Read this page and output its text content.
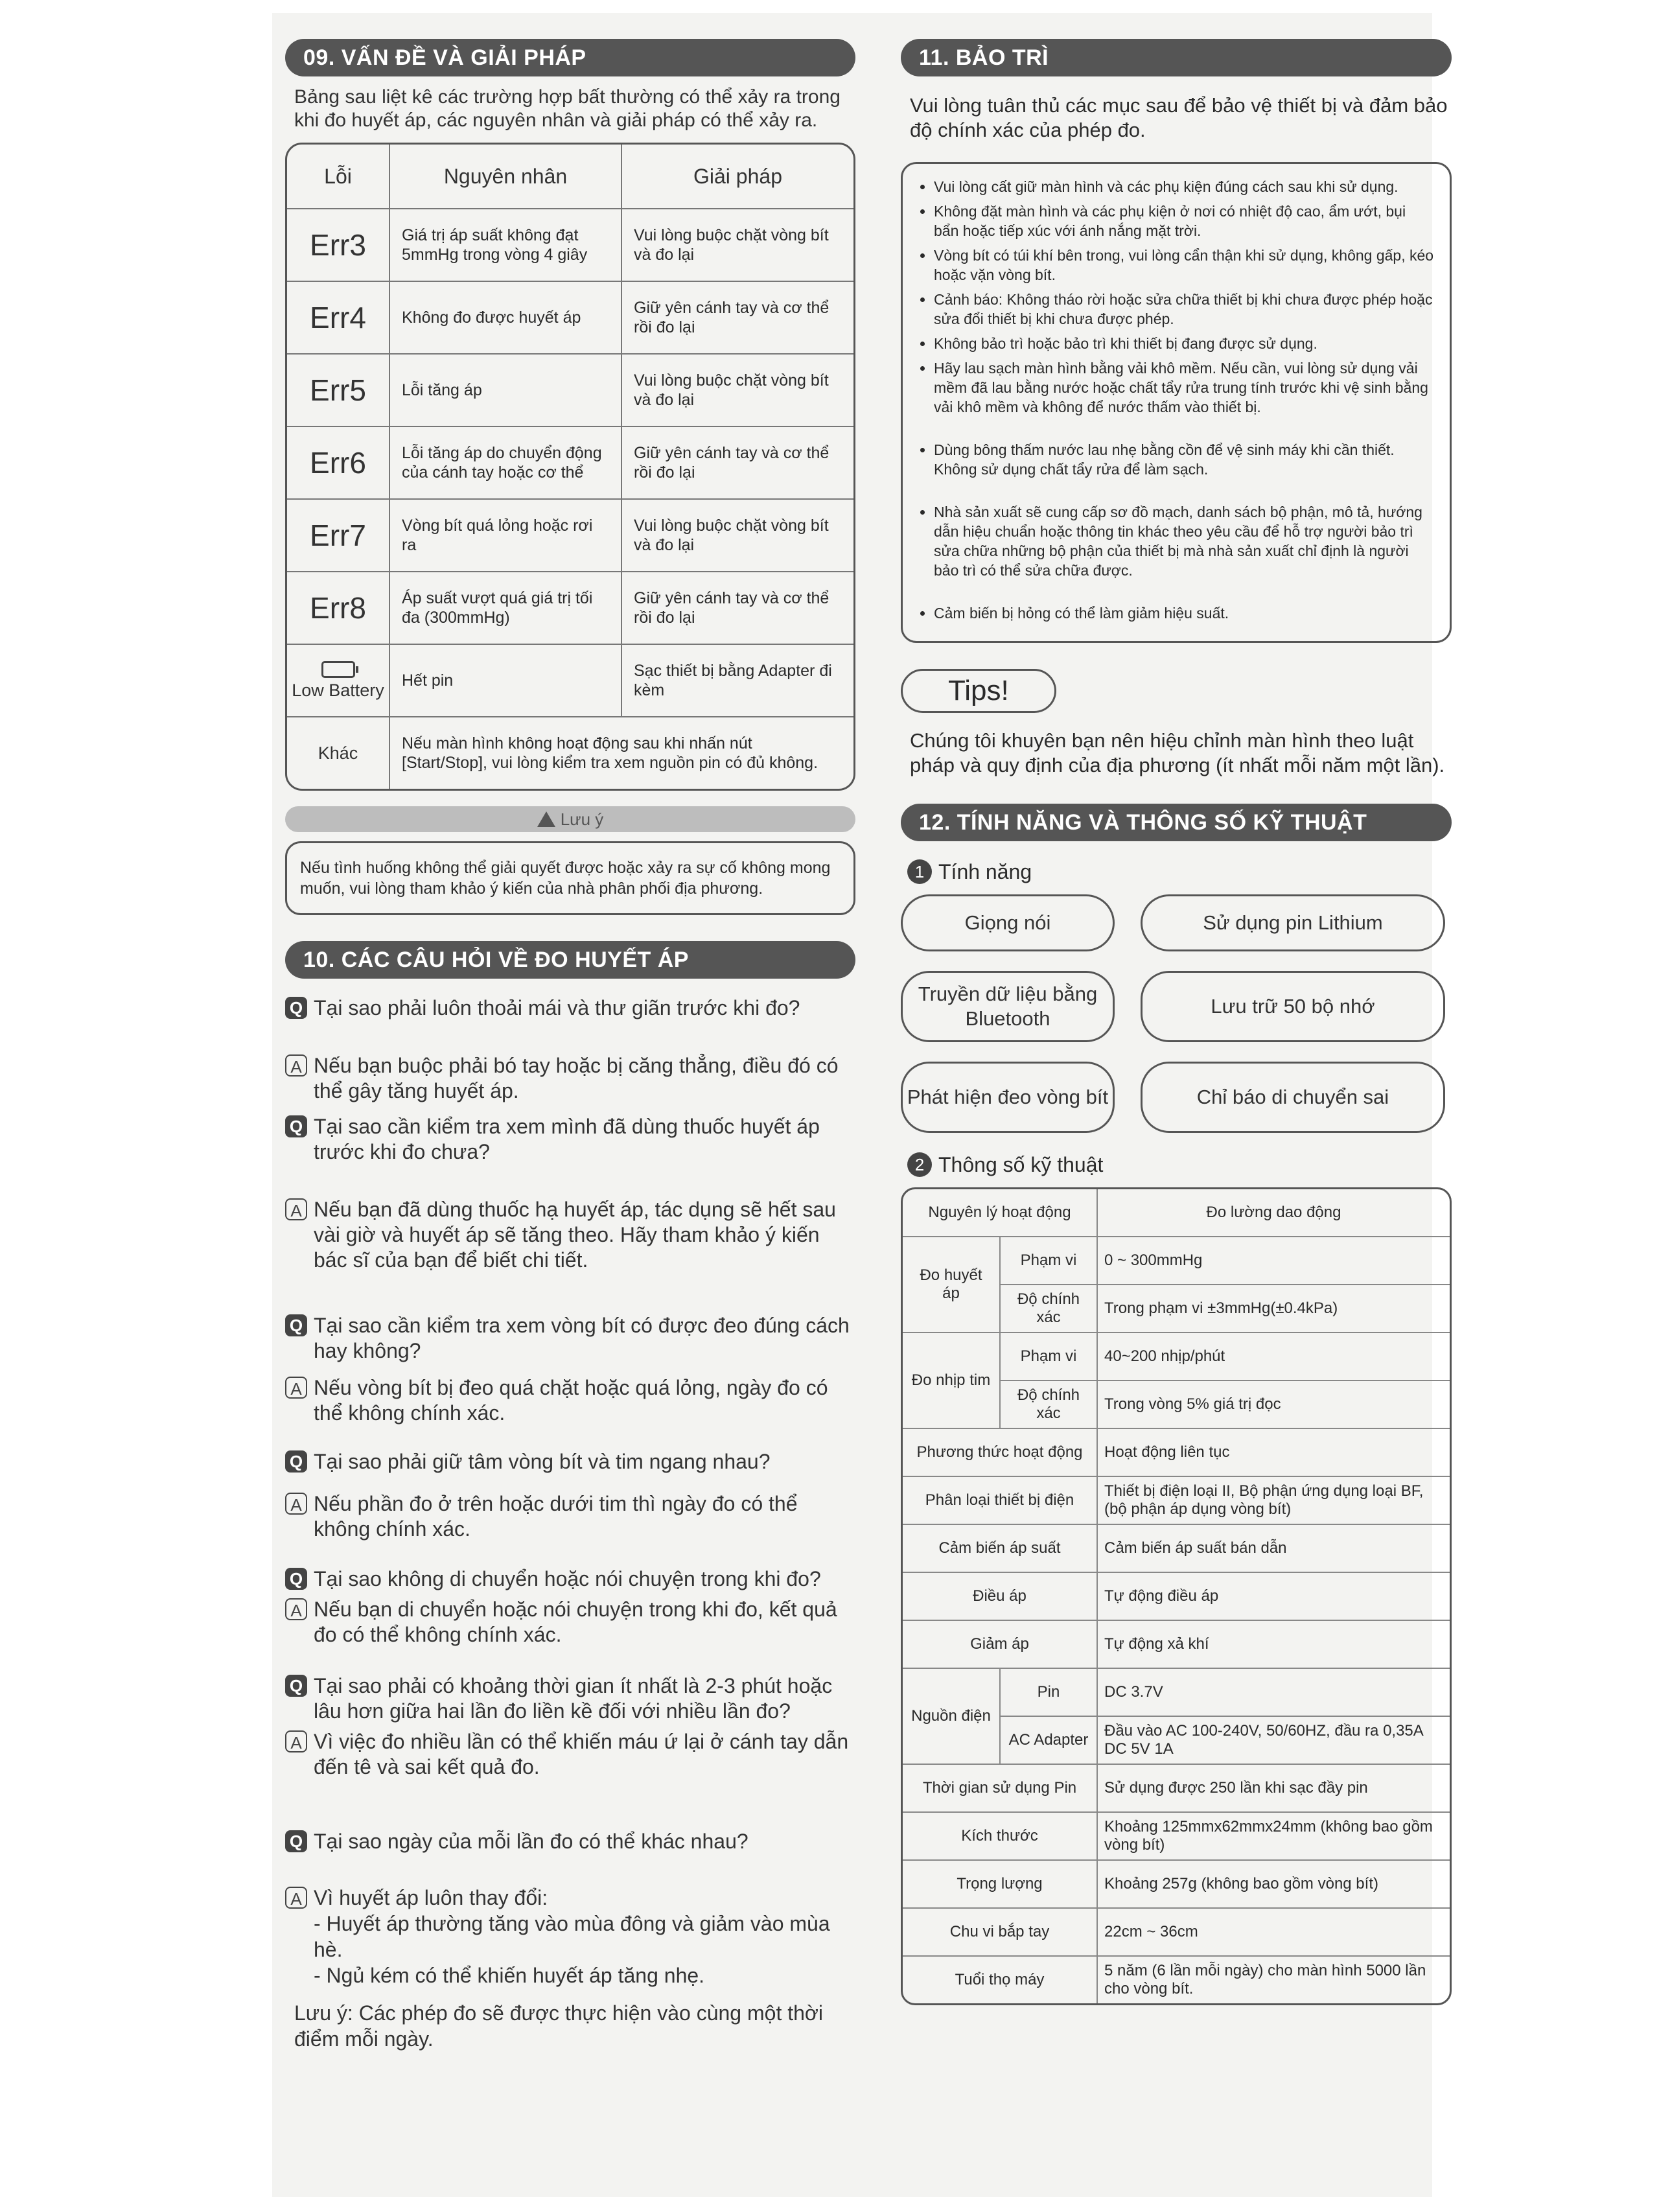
09. VẤN ĐỀ VÀ GIẢI PHÁP
Bảng sau liệt kê các trường hợp bất thường có thể xảy ra trong khi đo huyết áp, các nguyên nhân và giải pháp có thể xảy ra.
Lỗi	Nguyên nhân	Giải pháp
Err3	Giá trị áp suất không đạt 5mmHg trong vòng 4 giây	Vui lòng buộc chặt vòng bít và đo lại
Err4	Không đo được huyết áp	Giữ yên cánh tay và cơ thể rồi đo lại
Err5	Lỗi tăng áp	Vui lòng buộc chặt vòng bít và đo lại
Err6	Lỗi tăng áp do chuyển động của cánh tay hoặc cơ thể	Giữ yên cánh tay và cơ thể rồi đo lại
Err7	Vòng bít quá lỏng hoặc rơi ra	Vui lòng buộc chặt vòng bít và đo lại
Err8	Áp suất vượt quá giá trị tối đa (300mmHg)	Giữ yên cánh tay và cơ thể rồi đo lại

Low Battery	Hết pin	Sạc thiết bị bằng Adapter đi kèm
Khác	Nếu màn hình không hoạt động sau khi nhấn nút [Start/Stop], vui lòng kiểm tra xem nguồn pin có đủ không.	
Lưu ý
Nếu tình huống không thể giải quyết được hoặc xảy ra sự cố không mong muốn, vui lòng tham khảo ý kiến của nhà phân phối địa phương.
10. CÁC CÂU HỎI VỀ ĐO HUYẾT ÁP
Q Tại sao phải luôn thoải mái và thư giãn trước khi đo?
A Nếu bạn buộc phải bó tay hoặc bị căng thẳng, điều đó có thể gây tăng huyết áp.
Q Tại sao cần kiểm tra xem mình đã dùng thuốc huyết áp trước khi đo chưa?
A Nếu bạn đã dùng thuốc hạ huyết áp, tác dụng sẽ hết sau vài giờ và huyết áp sẽ tăng theo. Hãy tham khảo ý kiến bác sĩ của bạn để biết chi tiết.
Q Tại sao cần kiểm tra xem vòng bít có được đeo đúng cách hay không?
A Nếu vòng bít bị đeo quá chặt hoặc quá lỏng, ngày đo có thể không chính xác.
Q Tại sao phải giữ tâm vòng bít và tim ngang nhau?
A Nếu phần đo ở trên hoặc dưới tim thì ngày đo có thể không chính xác.
Q Tại sao không di chuyển hoặc nói chuyện trong khi đo?
A Nếu bạn di chuyển hoặc nói chuyện trong khi đo, kết quả đo có thể không chính xác.
Q Tại sao phải có khoảng thời gian ít nhất là 2-3 phút hoặc lâu hơn giữa hai lần đo liền kề đối với nhiều lần đo?
A Vì việc đo nhiều lần có thể khiến máu ứ lại ở cánh tay dẫn đến tê và sai kết quả đo.
Q Tại sao ngày của mỗi lần đo có thể khác nhau?
A Vì huyết áp luôn thay đổi:
- Huyết áp thường tăng vào mùa đông và giảm vào mùa hè.
- Ngủ kém có thể khiến huyết áp tăng nhẹ.
Lưu ý: Các phép đo sẽ được thực hiện vào cùng một thời điểm mỗi ngày.
11. BẢO TRÌ
Vui lòng tuân thủ các mục sau để bảo vệ thiết bị và đảm bảo độ chính xác của phép đo.
• Vui lòng cất giữ màn hình và các phụ kiện đúng cách sau khi sử dụng.
• Không đặt màn hình và các phụ kiện ở nơi có nhiệt độ cao, ẩm ướt, bụi bẩn hoặc tiếp xúc với ánh nắng mặt trời.
• Vòng bít có túi khí bên trong, vui lòng cẩn thận khi sử dụng, không gấp, kéo hoặc vặn vòng bít.
• Cảnh báo: Không tháo rời hoặc sửa chữa thiết bị khi chưa được phép hoặc sửa đổi thiết bị khi chưa được phép.
• Không bảo trì hoặc bảo trì khi thiết bị đang được sử dụng.
• Hãy lau sạch màn hình bằng vải khô mềm. Nếu cần, vui lòng sử dụng vải mềm đã lau bằng nước hoặc chất tẩy rửa trung tính trước khi vệ sinh bằng vải khô mềm và không để nước thấm vào thiết bị.
• Dùng bông thấm nước lau nhẹ bằng cồn để vệ sinh máy khi cần thiết. Không sử dụng chất tẩy rửa để làm sạch.
• Nhà sản xuất sẽ cung cấp sơ đồ mạch, danh sách bộ phận, mô tả, hướng dẫn hiệu chuẩn hoặc thông tin khác theo yêu cầu để hỗ trợ người bảo trì sửa chữa những bộ phận của thiết bị mà nhà sản xuất chỉ định là người bảo trì có thể sửa chữa được.
• Cảm biến bị hỏng có thể làm giảm hiệu suất.
Tips!
Chúng tôi khuyên bạn nên hiệu chỉnh màn hình theo luật pháp và quy định của địa phương (ít nhất mỗi năm một lần).
12. TÍNH NĂNG VÀ THÔNG SỐ KỸ THUẬT
1 Tính năng
Giọng nói	Sử dụng pin Lithium
Truyền dữ liệu bằng Bluetooth
Lưu trữ 50 bộ nhớ
Phát hiện đeo vòng bít	Chỉ báo di chuyển sai
2 Thông số kỹ thuật
Nguyên lý hoạt động		Đo lường dao động
Đo huyết áp	Phạm vi	0 ~ 300mmHg
	Độ chính xác	Trong phạm vi ±3mmHg(±0.4kPa)
Đo nhịp tim	Phạm vi	40~200 nhịp/phút
	Độ chính xác	Trong vòng 5% giá trị đọc
Phương thức hoạt động		Hoạt động liên tục
Phân loại thiết bị điện		Thiết bị điện loại II, Bộ phận ứng dụng loại BF, (bộ phận áp dụng vòng bít)
Cảm biến áp suất		Cảm biến áp suất bán dẫn
Điều áp		Tự động điều áp
Giảm áp		Tự động xả khí
Nguồn điện	Pin	DC 3.7V
	AC Adapter	Đầu vào AC 100-240V, 50/60HZ, đầu ra 0,35A DC 5V 1A
Thời gian sử dụng Pin		Sử dụng được 250 lần khi sạc đầy pin
Kích thước		Khoảng 125mmx62mmx24mm (không bao gồm vòng bít)
Trọng lượng		Khoảng 257g (không bao gồm vòng bít)
Chu vi bắp tay		22cm ~ 36cm
Tuổi thọ máy		5 năm (6 lần mỗi ngày) cho màn hình 5000 lần cho vòng bít.
